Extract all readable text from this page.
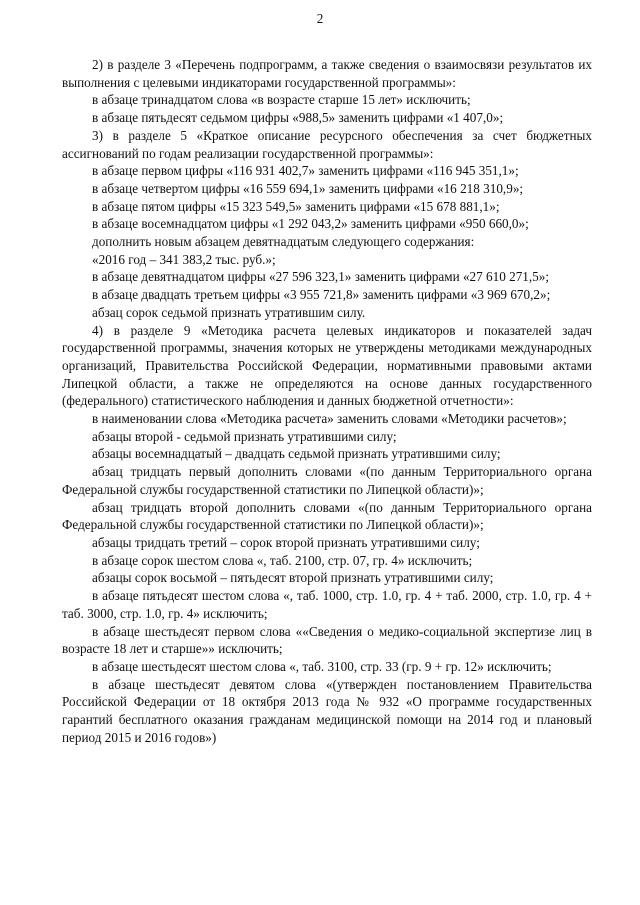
2

2) в разделе 3 «Перечень подпрограмм, а также сведения о взаимосвязи результатов их выполнения с целевыми индикаторами государственной программы»:

в абзаце тринадцатом слова «в возрасте старше 15 лет» исключить;

в абзаце пятьдесят седьмом цифры «988,5» заменить цифрами «1 407,0»;

3) в разделе 5 «Краткое описание ресурсного обеспечения за счет бюджетных ассигнований по годам реализации государственной программы»:

в абзаце первом цифры «116 931 402,7» заменить цифрами «116 945 351,1»;

в абзаце четвертом цифры «16 559 694,1» заменить цифрами «16 218 310,9»;

в абзаце пятом цифры «15 323 549,5» заменить цифрами «15 678 881,1»;

в абзаце восемнадцатом цифры «1 292 043,2» заменить цифрами «950 660,0»;

дополнить новым абзацем девятнадцатым следующего содержания:

«2016 год – 341 383,2 тыс. руб.»;

в абзаце девятнадцатом цифры «27 596 323,1» заменить цифрами «27 610 271,5»;

в абзаце двадцать третьем цифры «3 955 721,8» заменить цифрами «3 969 670,2»;

абзац сорок седьмой признать утратившим силу.

4) в разделе 9 «Методика расчета целевых индикаторов и показателей задач государственной программы, значения которых не утверждены методиками международных организаций, Правительства Российской Федерации, нормативными правовыми актами Липецкой области, а также не определяются на основе данных государственного (федерального) статистического наблюдения и данных бюджетной отчетности»:

в наименовании слова «Методика расчета» заменить словами «Методики расчетов»;

абзацы второй - седьмой признать утратившими силу;

абзацы восемнадцатый – двадцать седьмой признать утратившими силу;

абзац тридцать первый дополнить словами «(по данным Территориального органа Федеральной службы государственной статистики по Липецкой области)»;

абзац тридцать второй дополнить словами «(по данным Территориального органа Федеральной службы государственной статистики по Липецкой области)»;

абзацы тридцать третий – сорок второй признать утратившими силу;

в абзаце сорок шестом слова «, таб. 2100, стр. 07, гр. 4» исключить;

абзацы сорок восьмой – пятьдесят второй признать утратившими силу;

в абзаце пятьдесят шестом слова «, таб. 1000, стр. 1.0, гр. 4 + таб. 2000, стр. 1.0, гр. 4 + таб. 3000, стр. 1.0, гр. 4» исключить;

в абзаце шестьдесят первом слова ««Сведения о медико-социальной экспертизе лиц в возрасте 18 лет и старше»» исключить;

в абзаце шестьдесят шестом слова «, таб. 3100, стр. 33 (гр. 9 + гр. 12» исключить;

в абзаце шестьдесят девятом слова «(утвержден постановлением Правительства Российской Федерации от 18 октября 2013 года № 932 «О программе государственных гарантий бесплатного оказания гражданам медицинской помощи на 2014 год и плановый период 2015 и 2016 годов»)
